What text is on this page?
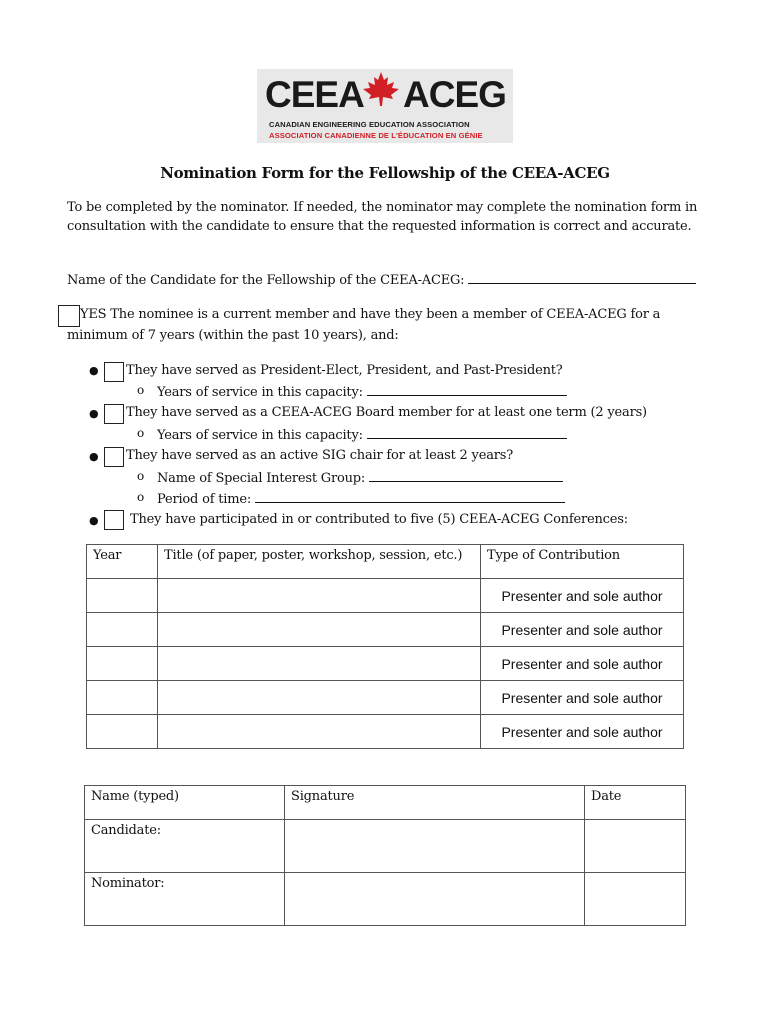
CEEA ACEG
CANADIAN ENGINEERING EDUCATION ASSOCIATION
ASSOCIATION CANADIENNE DE L'ÉDUCATION EN GÉNIE
Nomination Form for the Fellowship of the CEEA-ACEG
To be completed by the nominator. If needed, the nominator may complete the nomination form in consultation with the candidate to ensure that the requested information is correct and accurate.
Name of the Candidate for the Fellowship of the CEEA-ACEG:
YES The nominee is a current member and have they been a member of CEEA-ACEG for a
minimum of 7 years (within the past 10 years), and:
● They have served as President-Elect, President, and Past-President?
o Years of service in this capacity:
● They have served as a CEEA-ACEG Board member for at least one term (2 years)
o Years of service in this capacity:
● They have served as an active SIG chair for at least 2 years?
o Name of Special Interest Group:
o Period of time:
● They have participated in or contributed to five (5) CEEA-ACEG Conferences:
Year	Title (of paper, poster, workshop, session, etc.)	Type of Contribution

		Presenter and sole author
		Presenter and sole author
		Presenter and sole author
		Presenter and sole author
		Presenter and sole author
Name (typed)	Signature	Date
Candidate:		
Nominator:		
